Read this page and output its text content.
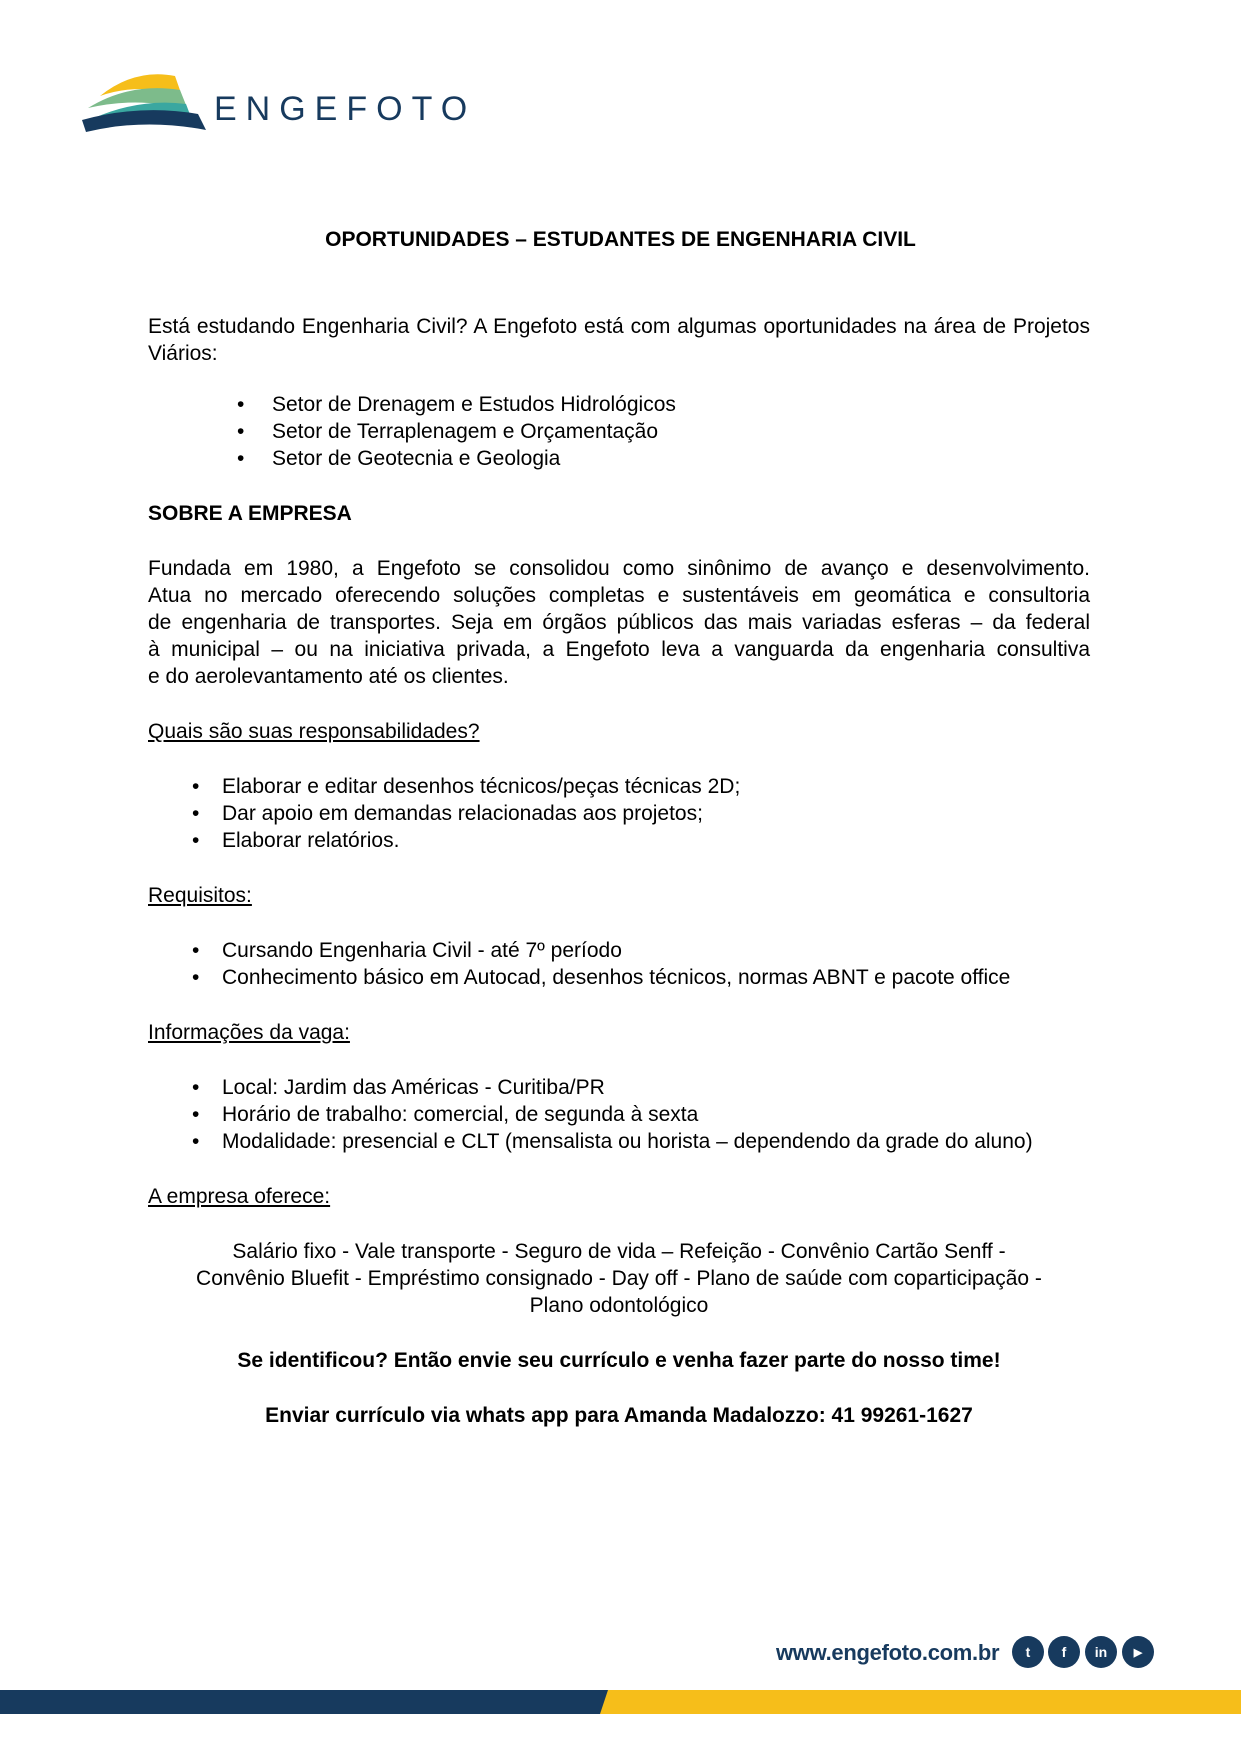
ENGEFOTO
OPORTUNIDADES – ESTUDANTES DE ENGENHARIA CIVIL

Está estudando Engenharia Civil? A Engefoto está com algumas oportunidades na área de Projetos Viários:

• Setor de Drenagem e Estudos Hidrológicos
• Setor de Terraplenagem e Orçamentação
• Setor de Geotecnia e Geologia

SOBRE A EMPRESA

Fundada em 1980, a Engefoto se consolidou como sinônimo de avanço e desenvolvimento.
Atua no mercado oferecendo soluções completas e sustentáveis em geomática e consultoria
de engenharia de transportes. Seja em órgãos públicos das mais variadas esferas – da federal
à municipal – ou na iniciativa privada, a Engefoto leva a vanguarda da engenharia consultiva
e do aerolevantamento até os clientes.

Quais são suas responsabilidades?

• Elaborar e editar desenhos técnicos/peças técnicas 2D;
• Dar apoio em demandas relacionadas aos projetos;
• Elaborar relatórios.

Requisitos:

• Cursando Engenharia Civil - até 7º período
• Conhecimento básico em Autocad, desenhos técnicos, normas ABNT e pacote office

Informações da vaga:

• Local: Jardim das Américas - Curitiba/PR
• Horário de trabalho: comercial, de segunda à sexta
• Modalidade: presencial e CLT (mensalista ou horista – dependendo da grade do aluno)

A empresa oferece:

Salário fixo - Vale transporte - Seguro de vida – Refeição - Convênio Cartão Senff -
Convênio Bluefit - Empréstimo consignado - Day off - Plano de saúde com coparticipação -
Plano odontológico

Se identificou? Então envie seu currículo e venha fazer parte do nosso time!

Enviar currículo via whats app para Amanda Madalozzo: 41 99261-1627

www.engefoto.com.br	t	f	in	▶
